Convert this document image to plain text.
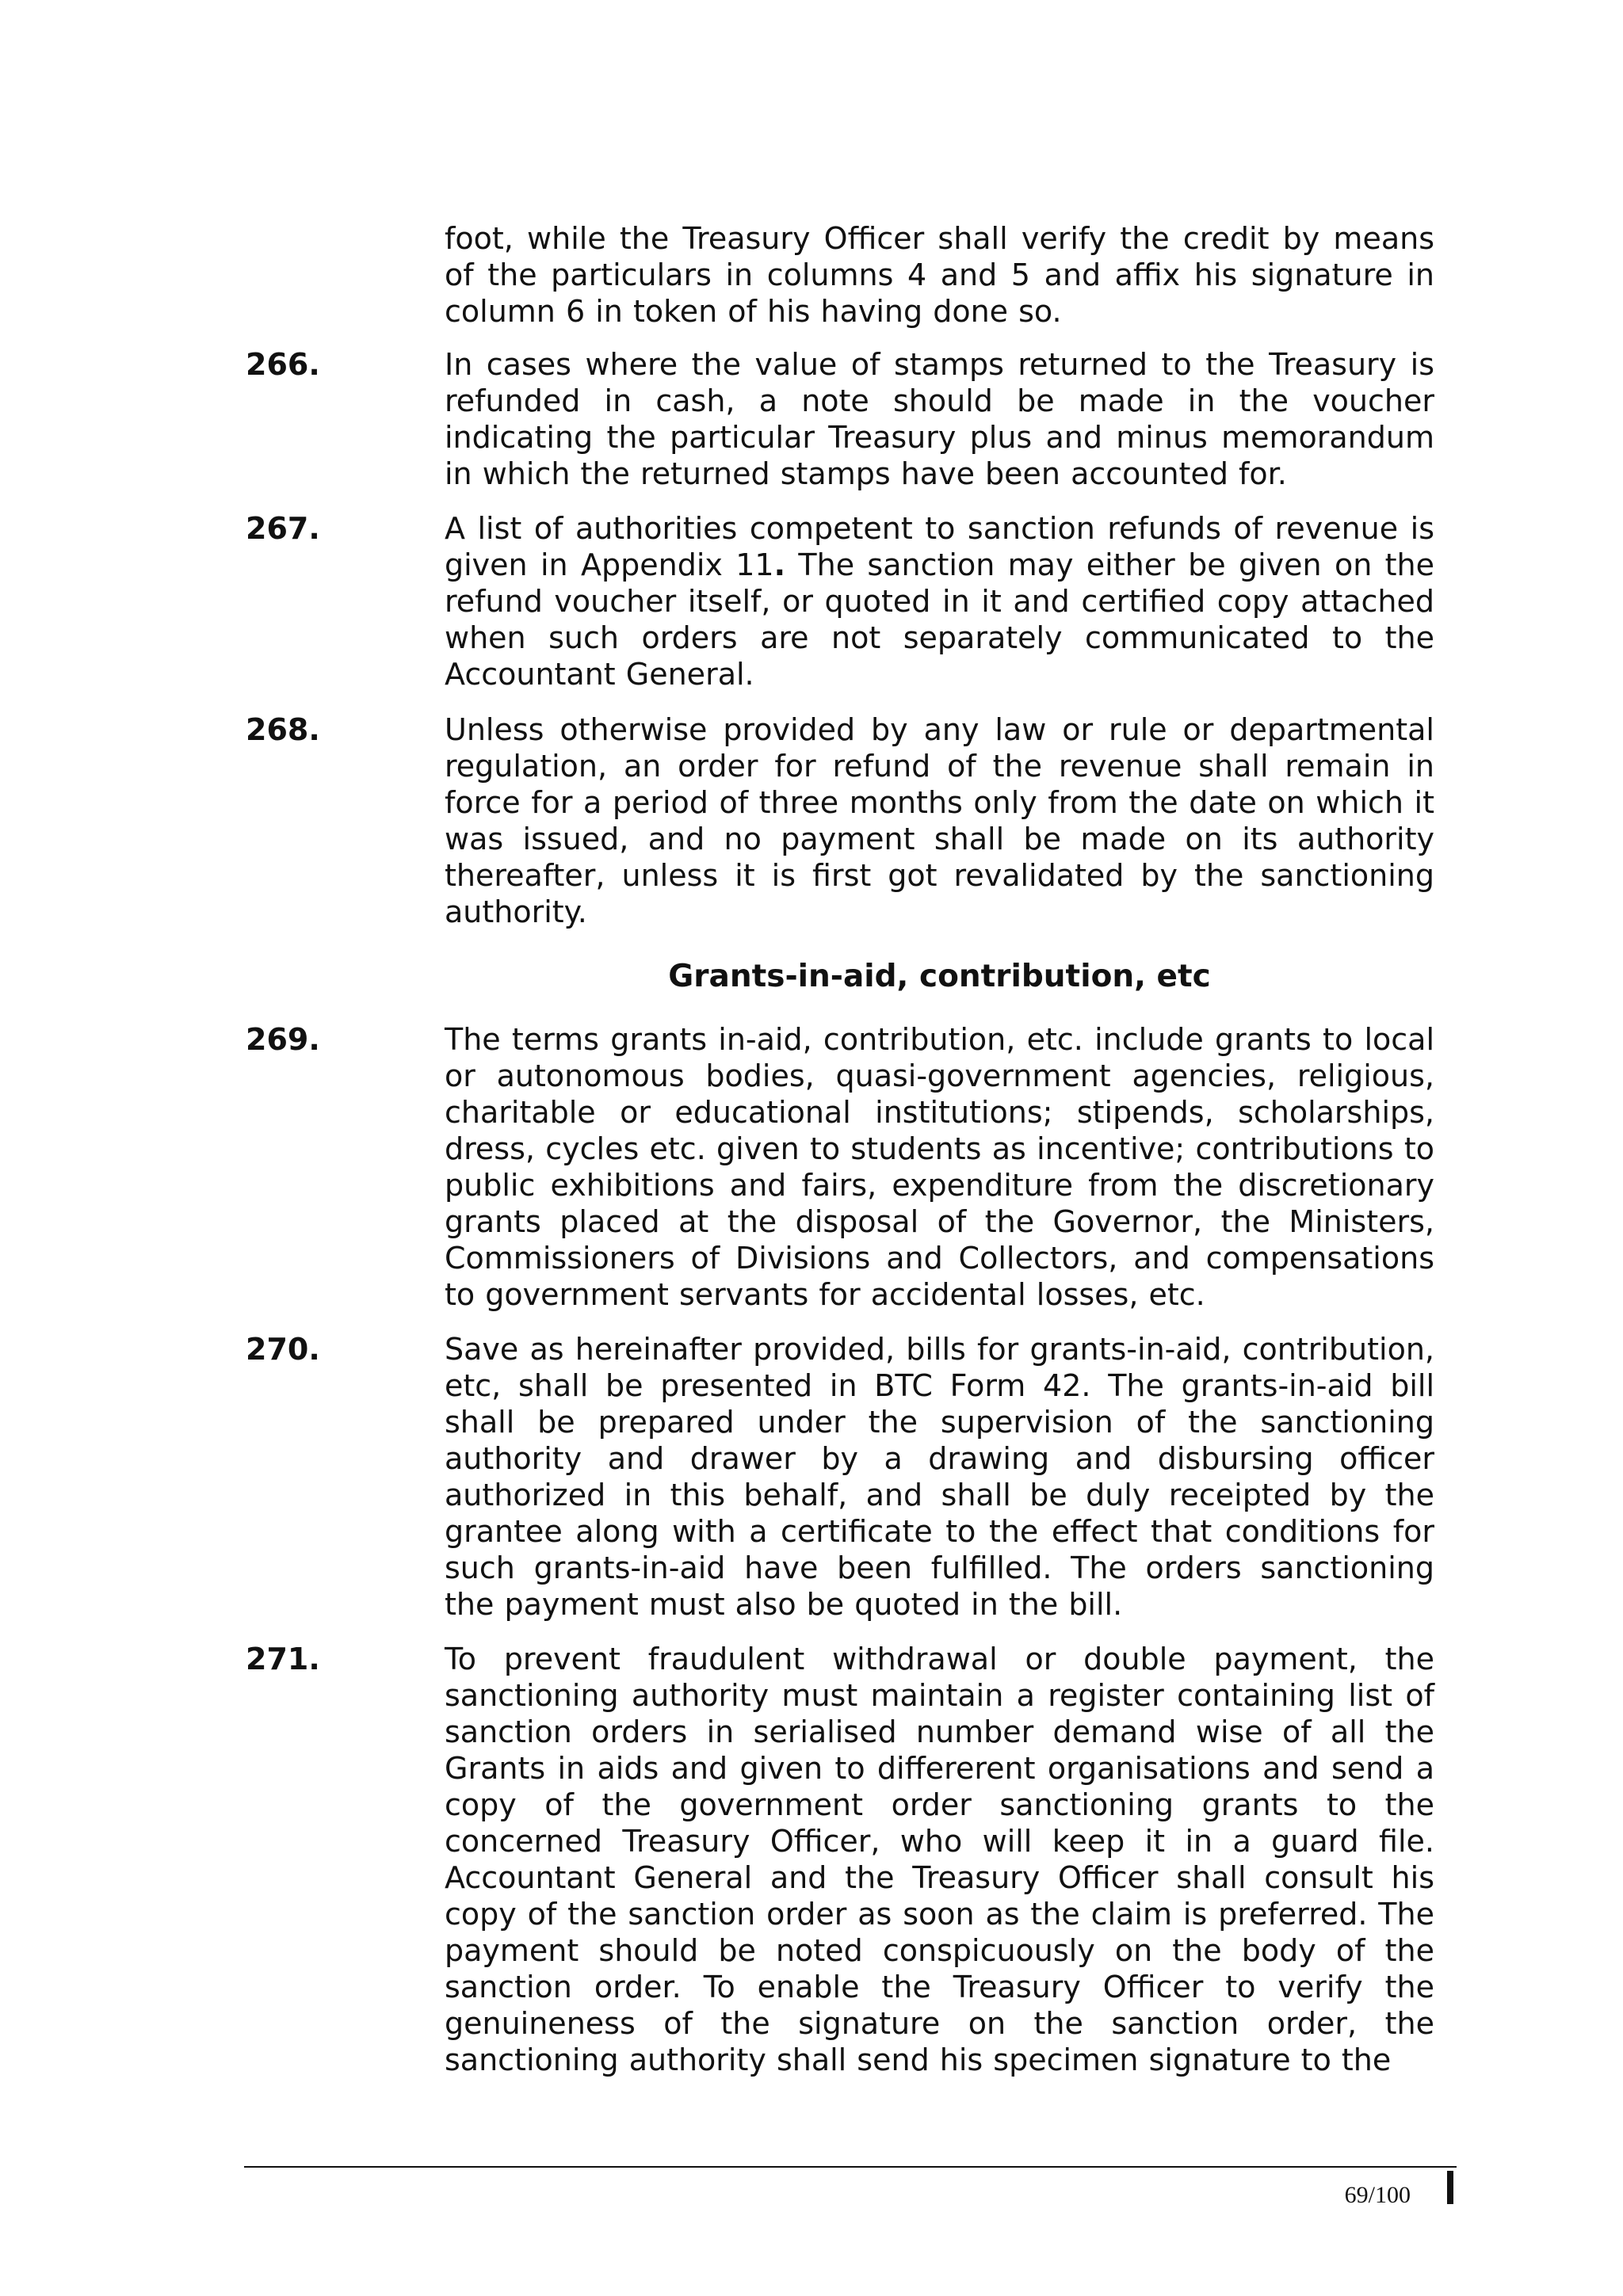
foot, while the Treasury Officer shall verify the credit by means of the particulars in columns 4 and 5 and affix his signature in column 6 in token of his having done so.
266.	In cases where the value of stamps returned to the Treasury is refunded in cash, a note should be made in the voucher indicating the particular Treasury plus and minus memorandum in which the returned stamps have been accounted for.
267.	A list of authorities competent to sanction refunds of revenue is given in Appendix 11. The sanction may either be given on the refund voucher itself, or quoted in it and certified copy attached when such orders are not separately communicated to the Accountant General.
268.	Unless otherwise provided by any law or rule or departmental regulation, an order for refund of the revenue shall remain in force for a period of three months only from the date on which it was issued, and no payment shall be made on its authority thereafter, unless it is first got revalidated by the sanctioning authority.
Grants-in-aid, contribution, etc
269.	The terms grants in-aid, contribution, etc. include grants to local or autonomous bodies, quasi-government agencies, religious, charitable or educational institutions; stipends, scholarships, dress, cycles etc. given to students as incentive; contributions to public exhibitions and fairs, expenditure from the discretionary grants placed at the disposal of the Governor, the Ministers, Commissioners of Divisions and Collectors, and compensations to government servants for accidental losses, etc.
270.	Save as hereinafter provided, bills for grants-in-aid, contribution, etc, shall be presented in BTC Form 42. The grants-in-aid bill shall be prepared under the supervision of the sanctioning authority and drawer by a drawing and disbursing officer authorized in this behalf, and shall be duly receipted by the grantee along with a certificate to the effect that conditions for such grants-in-aid have been fulfilled. The orders sanctioning the payment must also be quoted in the bill.
271.	To prevent fraudulent withdrawal or double payment, the sanctioning authority must maintain a register containing list of sanction orders in serialised number demand wise of all the Grants in aids and given to differerent organisations and send a copy of the government order sanctioning grants to the concerned Treasury Officer, who will keep it in a guard file. Accountant General and the Treasury Officer shall consult his copy of the sanction order as soon as the claim is preferred. The payment should be noted conspicuously on the body of the sanction order. To enable the Treasury Officer to verify the genuineness of the signature on the sanction order, the sanctioning authority shall send his specimen signature to the
69/100
